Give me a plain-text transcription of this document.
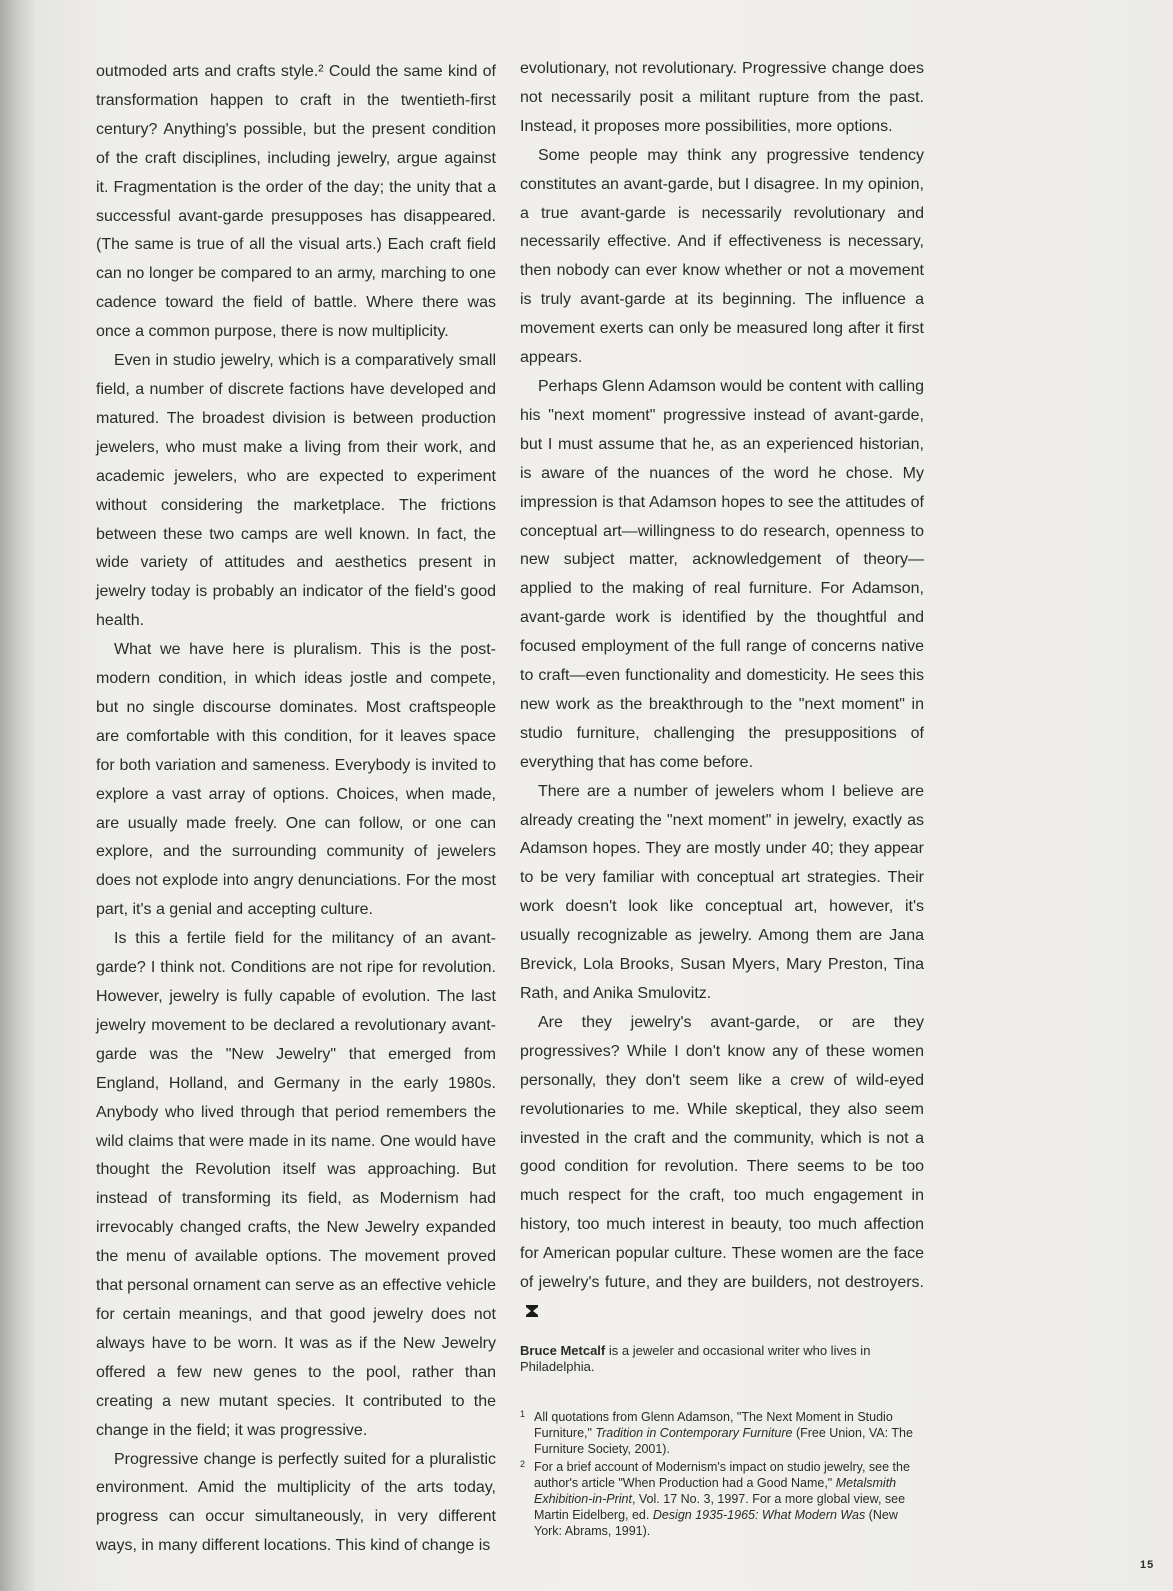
outmoded arts and crafts style.² Could the same kind of transformation happen to craft in the twentieth-first century? Anything's possible, but the present condition of the craft disciplines, including jewelry, argue against it. Fragmentation is the order of the day; the unity that a successful avant-garde presupposes has disappeared. (The same is true of all the visual arts.) Each craft field can no longer be compared to an army, marching to one cadence toward the field of battle. Where there was once a common purpose, there is now multiplicity.

Even in studio jewelry, which is a comparatively small field, a number of discrete factions have developed and matured. The broadest division is between production jewelers, who must make a living from their work, and academic jewelers, who are expected to experiment without considering the marketplace. The frictions between these two camps are well known. In fact, the wide variety of attitudes and aesthetics present in jewelry today is probably an indicator of the field's good health.

What we have here is pluralism. This is the post-modern condition, in which ideas jostle and compete, but no single discourse dominates. Most craftspeople are comfortable with this condition, for it leaves space for both variation and sameness. Everybody is invited to explore a vast array of options. Choices, when made, are usually made freely. One can follow, or one can explore, and the surrounding community of jewelers does not explode into angry denunciations. For the most part, it's a genial and accepting culture.

Is this a fertile field for the militancy of an avant-garde? I think not. Conditions are not ripe for revolution. However, jewelry is fully capable of evolution. The last jewelry movement to be declared a revolutionary avant-garde was the "New Jewelry" that emerged from England, Holland, and Germany in the early 1980s. Anybody who lived through that period remembers the wild claims that were made in its name. One would have thought the Revolution itself was approaching. But instead of transforming its field, as Modernism had irrevocably changed crafts, the New Jewelry expanded the menu of available options. The movement proved that personal ornament can serve as an effective vehicle for certain meanings, and that good jewelry does not always have to be worn. It was as if the New Jewelry offered a few new genes to the pool, rather than creating a new mutant species. It contributed to the change in the field; it was progressive.

Progressive change is perfectly suited for a pluralistic environment. Amid the multiplicity of the arts today, progress can occur simultaneously, in very different ways, in many different locations. This kind of change is

evolutionary, not revolutionary. Progressive change does not necessarily posit a militant rupture from the past. Instead, it proposes more possibilities, more options.

Some people may think any progressive tendency constitutes an avant-garde, but I disagree. In my opinion, a true avant-garde is necessarily revolutionary and necessarily effective. And if effectiveness is necessary, then nobody can ever know whether or not a movement is truly avant-garde at its beginning. The influence a movement exerts can only be measured long after it first appears.

Perhaps Glenn Adamson would be content with calling his "next moment" progressive instead of avant-garde, but I must assume that he, as an experienced historian, is aware of the nuances of the word he chose. My impression is that Adamson hopes to see the attitudes of conceptual art—willingness to do research, openness to new subject matter, acknowledgement of theory—applied to the making of real furniture. For Adamson, avant-garde work is identified by the thoughtful and focused employment of the full range of concerns native to craft—even functionality and domesticity. He sees this new work as the breakthrough to the "next moment" in studio furniture, challenging the presuppositions of everything that has come before.

There are a number of jewelers whom I believe are already creating the "next moment" in jewelry, exactly as Adamson hopes. They are mostly under 40; they appear to be very familiar with conceptual art strategies. Their work doesn't look like conceptual art, however, it's usually recognizable as jewelry. Among them are Jana Brevick, Lola Brooks, Susan Myers, Mary Preston, Tina Rath, and Anika Smulovitz.

Are they jewelry's avant-garde, or are they progressives? While I don't know any of these women personally, they don't seem like a crew of wild-eyed revolutionaries to me. While skeptical, they also seem invested in the craft and the community, which is not a good condition for revolution. There seems to be too much respect for the craft, too much engagement in history, too much interest in beauty, too much affection for American popular culture. These women are the face of jewelry's future, and they are builders, not destroyers.

Bruce Metcalf is a jeweler and occasional writer who lives in Philadelphia.
1 All quotations from Glenn Adamson, "The Next Moment in Studio Furniture," Tradition in Contemporary Furniture (Free Union, VA: The Furniture Society, 2001).
2 For a brief account of Modernism's impact on studio jewelry, see the author's article "When Production had a Good Name," Metalsmith Exhibition-in-Print, Vol. 17 No. 3, 1997. For a more global view, see Martin Eidelberg, ed. Design 1935-1965: What Modern Was (New York: Abrams, 1991).
15
